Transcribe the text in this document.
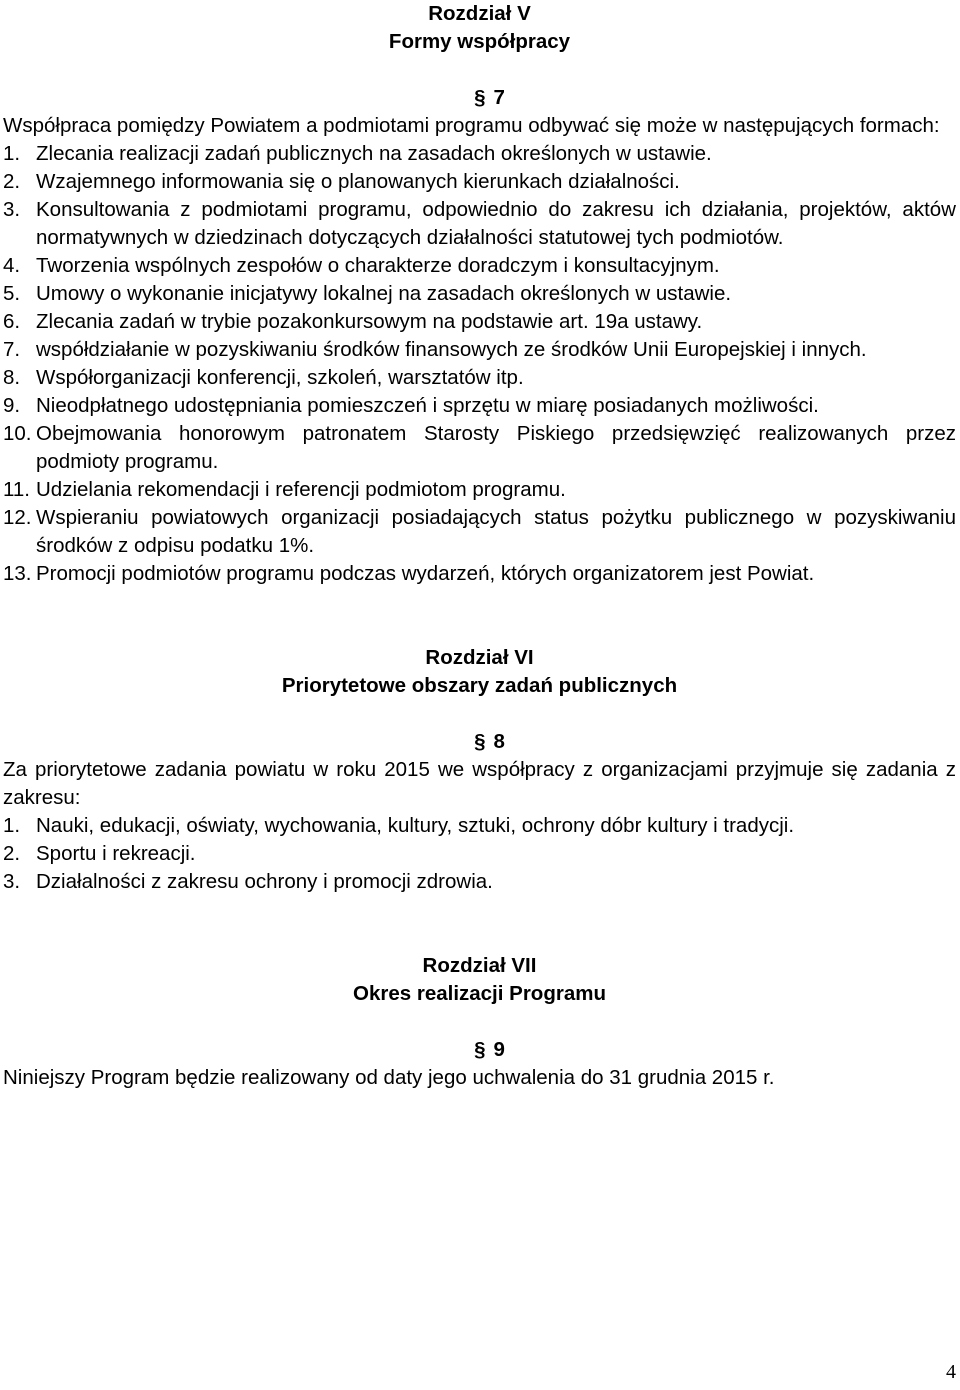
Rozdział V

Formy współpracy

§ 7

Współpraca pomiędzy Powiatem a podmiotami programu odbywać się może w następujących formach:

1. Zlecania realizacji zadań publicznych na zasadach określonych w ustawie.
2. Wzajemnego informowania się o planowanych kierunkach działalności.
3. Konsultowania z podmiotami programu, odpowiednio do zakresu ich działania, projektów, aktów normatywnych w dziedzinach dotyczących działalności statutowej tych podmiotów.
4. Tworzenia wspólnych zespołów o charakterze doradczym i konsultacyjnym.
5. Umowy o wykonanie inicjatywy lokalnej na zasadach określonych w ustawie.
6. Zlecania zadań w trybie pozakonkursowym na podstawie art. 19a ustawy.
7. współdziałanie w pozyskiwaniu środków finansowych ze środków Unii Europejskiej i innych.
8. Współorganizacji konferencji, szkoleń, warsztatów itp.
9. Nieodpłatnego udostępniania pomieszczeń i sprzętu w miarę posiadanych możliwości.
10. Obejmowania honorowym patronatem Starosty Piskiego przedsięwzięć realizowanych przez podmioty programu.
11. Udzielania rekomendacji i referencji podmiotom programu.
12. Wspieraniu powiatowych organizacji posiadających status pożytku publicznego w pozyskiwaniu środków z odpisu podatku 1%.
13. Promocji podmiotów programu podczas wydarzeń, których organizatorem jest Powiat.

Rozdział VI

Priorytetowe obszary zadań publicznych

§ 8

Za priorytetowe zadania powiatu w roku 2015 we współpracy z organizacjami przyjmuje się zadania z zakresu:

1. Nauki, edukacji, oświaty, wychowania, kultury, sztuki, ochrony dóbr kultury i tradycji.
2. Sportu i rekreacji.
3. Działalności z zakresu ochrony i promocji zdrowia.

Rozdział VII

Okres realizacji Programu

§ 9

Niniejszy Program będzie realizowany od daty jego uchwalenia do 31 grudnia 2015 r.

4
